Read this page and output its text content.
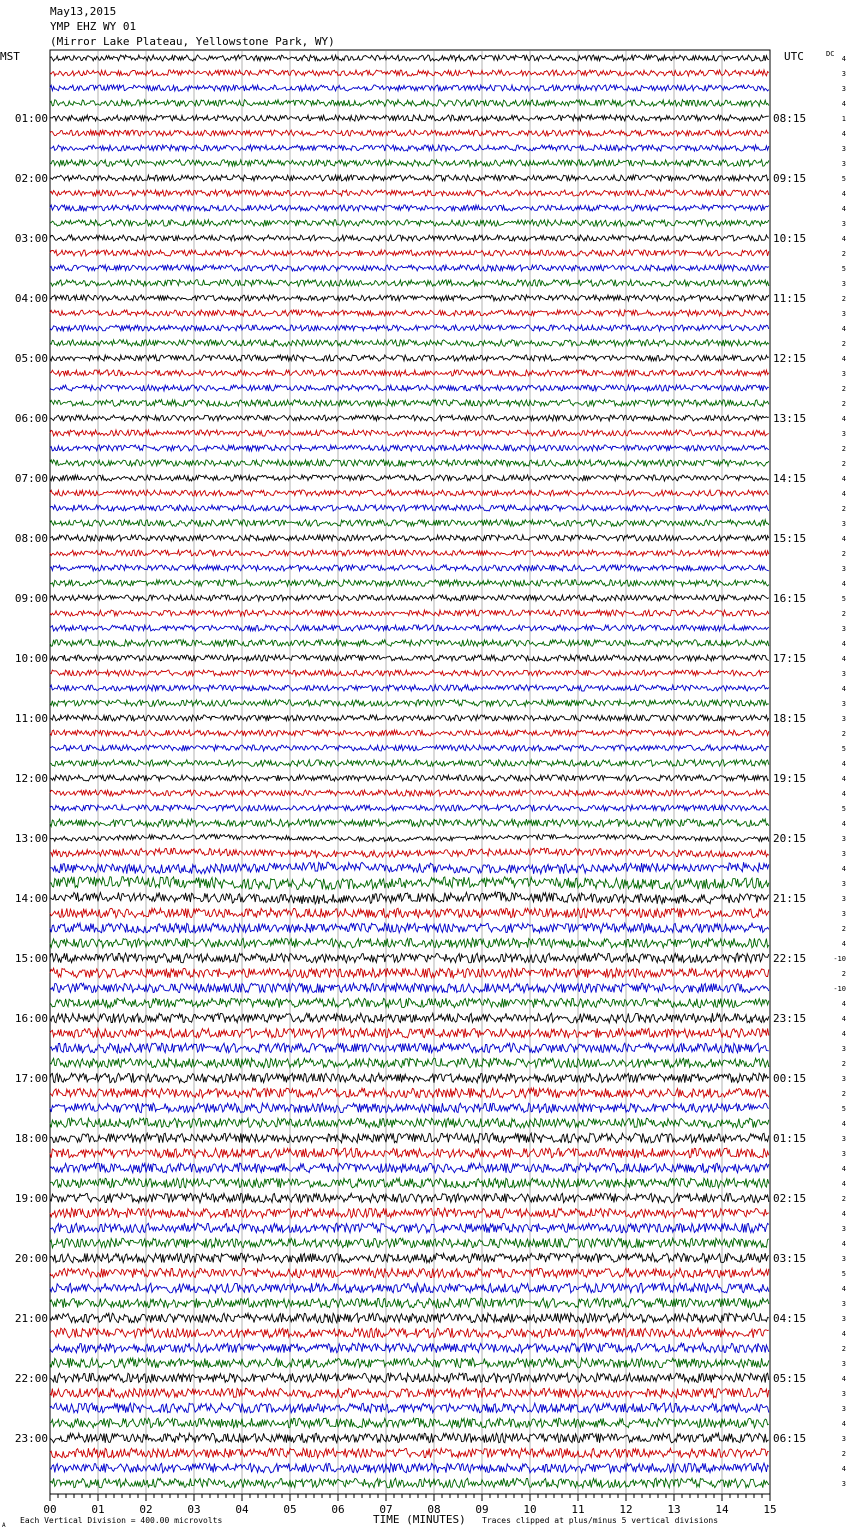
May13,2015
YMP EHZ WY 01
(Mirror Lake Plateau, Yellowstone Park, WY)
00	01	02	03	04	05	06	07	08	09	10	11	12	13	14	15
4
3
3
4
1
4
3
3
5
4
4
3
4
2
5
3
2
3
4
2
4
3
2
2
4
3
2
2
4
4
2
3
4
2
3
4
5
2
3
4
4
3
4
3
3
2
5
4
4
4
5
4
3
3
4
3
3
3
2
4
-10
2
-10
4
4
4
3
2
3
2
5
4
3
3
4
4
2
4
3
4
3
5
4
3
3
4
2
3
4
3
3
4
3
2
4
3
01:00	08:15
02:00	09:15
03:00	10:15
04:00	11:15
05:00	12:15
06:00	13:15
07:00	14:15
08:00	15:15
09:00	16:15
10:00	17:15
11:00	18:15
12:00	19:15
13:00	20:15
14:00	21:15
15:00	22:15
16:00	23:15
17:00	00:15
18:00	01:15
19:00	02:15
20:00	03:15
21:00	04:15
22:00	05:15
23:00	06:15
MST	UTC	DC
Each Vertical Division = 400.00 microvolts	TIME (MINUTES) Traces clipped at plus/minus 5 vertical divisions
A
